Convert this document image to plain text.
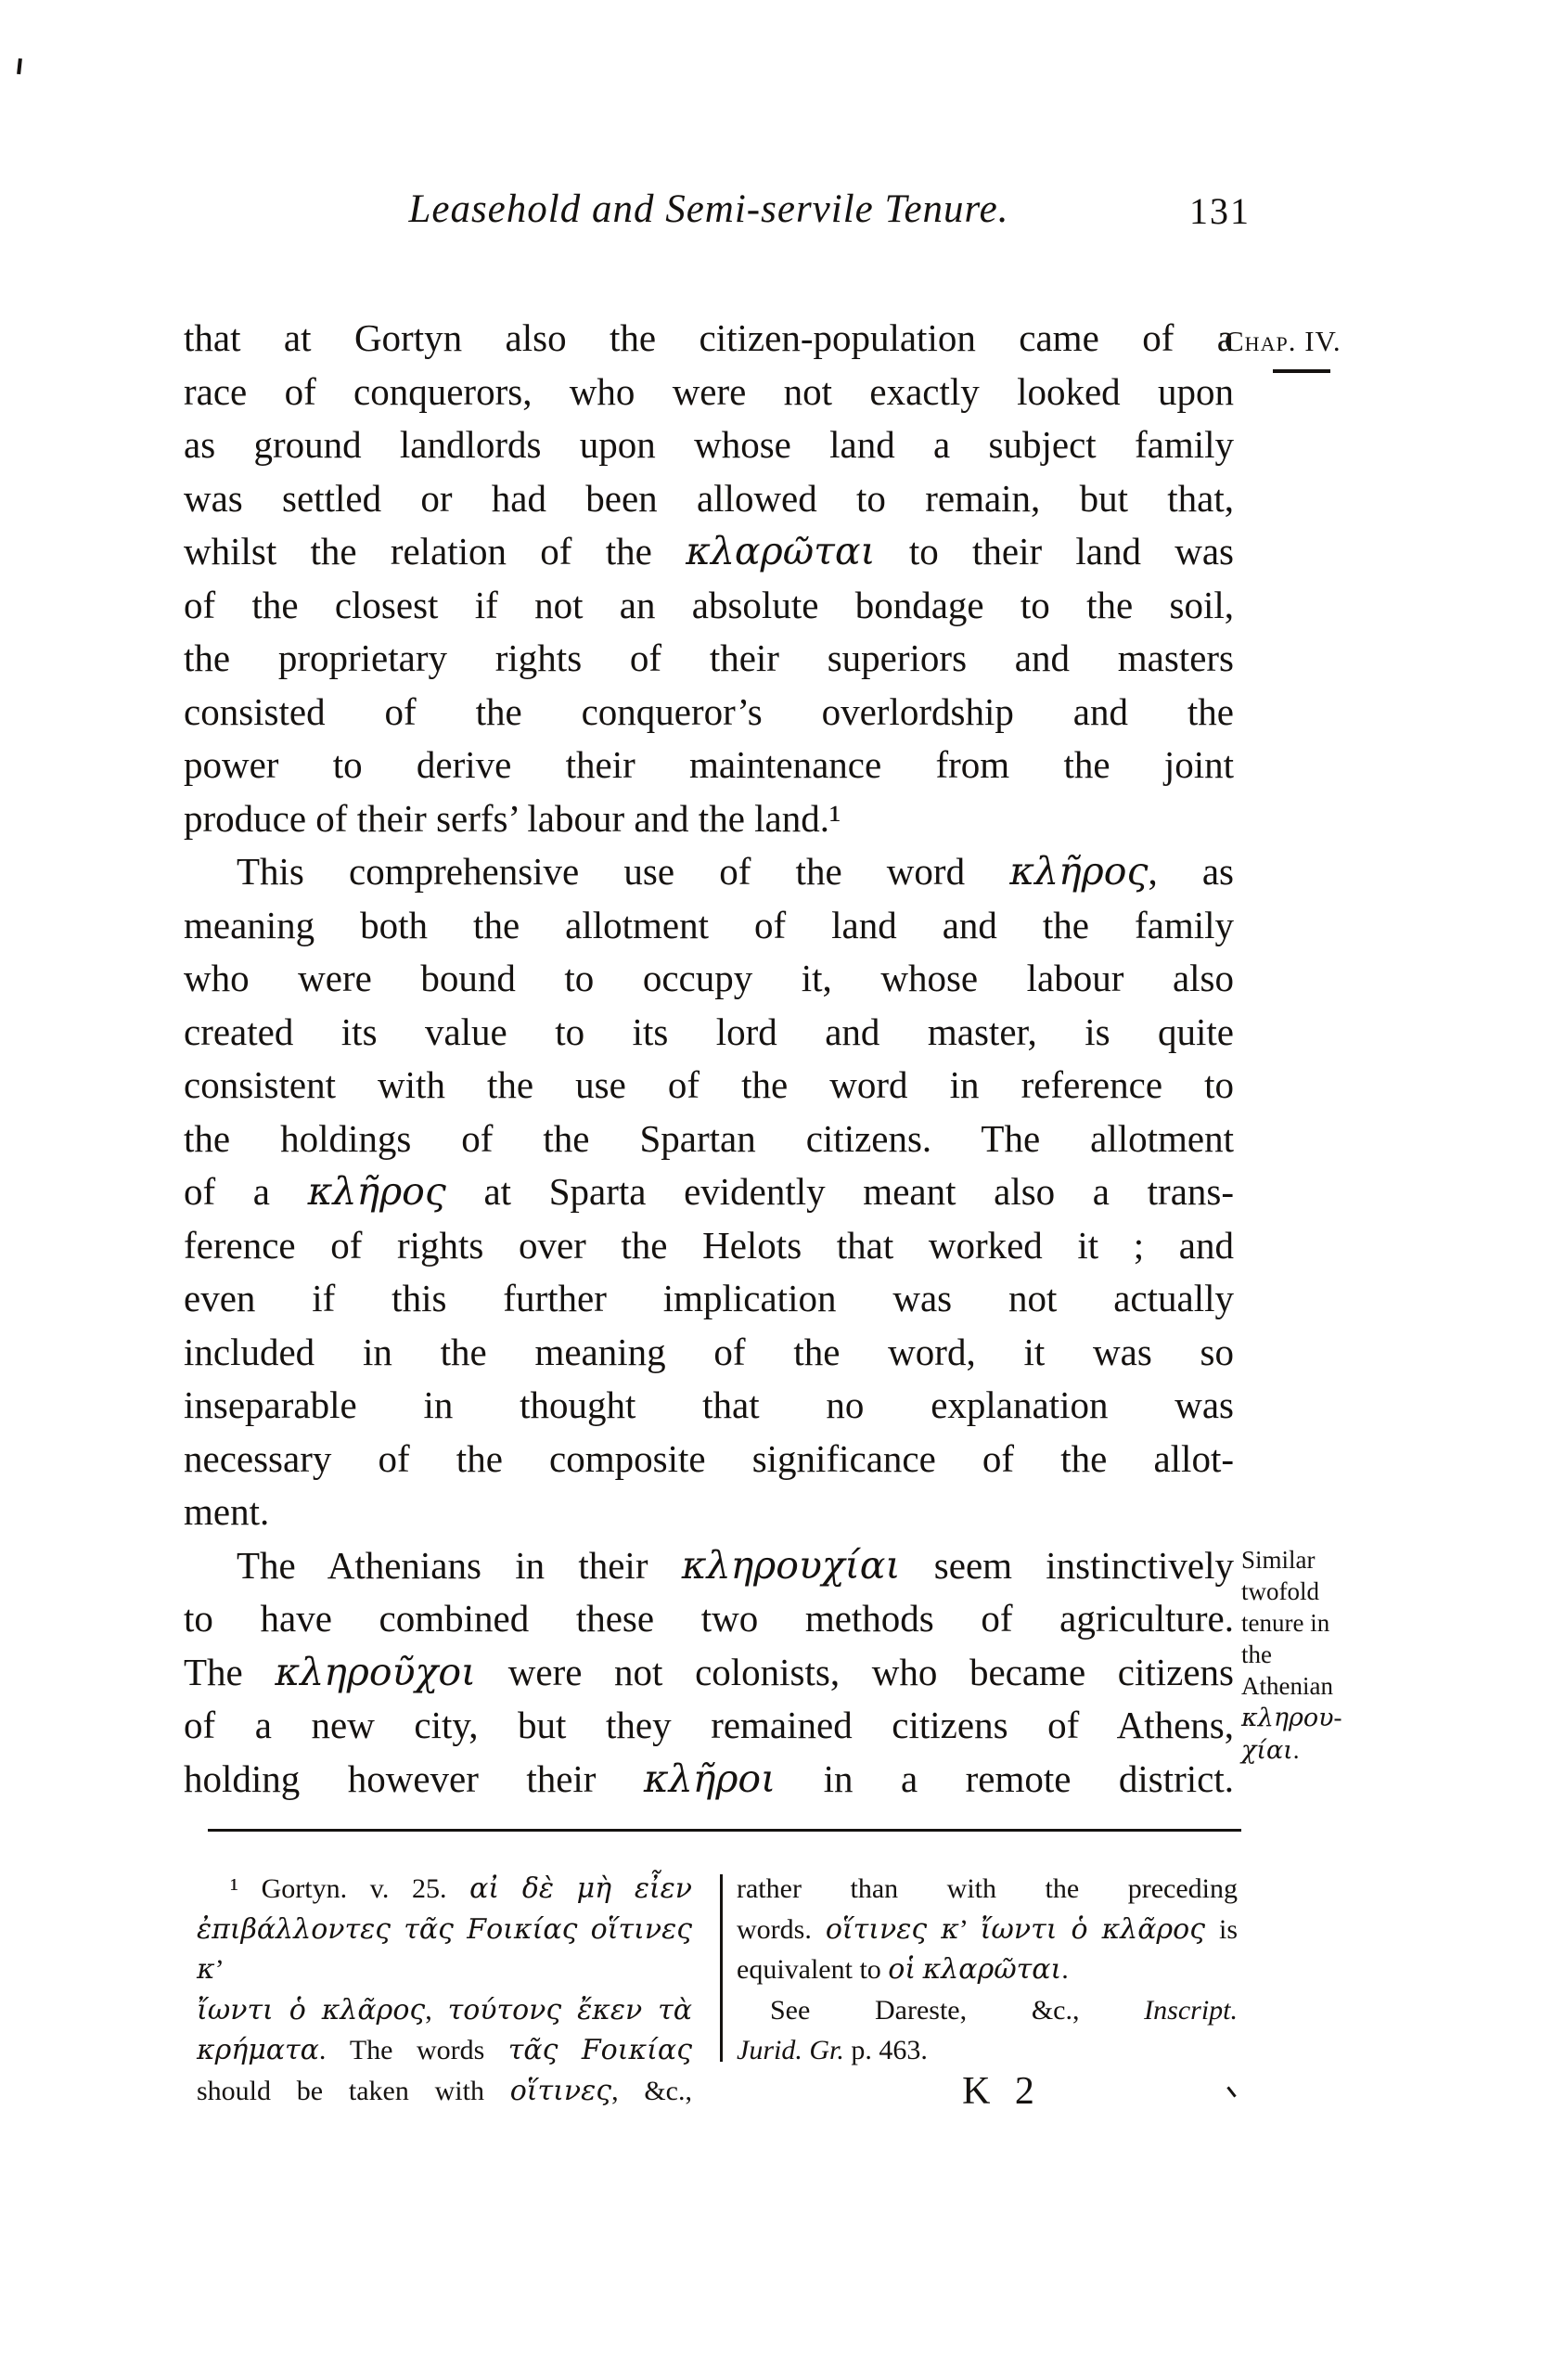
Leasehold and Semi-servile Tenure.	131
Chap. IV.
that at Gortyn also the citizen-population came of a
race of conquerors, who were not exactly looked upon
as ground landlords upon whose land a subject family
was settled or had been allowed to remain, but that,
whilst the relation of the κλαρῶται to their land was
of the closest if not an absolute bondage to the soil,
the proprietary rights of their superiors and masters
consisted of the conqueror’s overlordship and the
power to derive their maintenance from the joint
produce of their serfs’ labour and the land.¹
This comprehensive use of the word κλῆρος, as
meaning both the allotment of land and the family
who were bound to occupy it, whose labour also
created its value to its lord and master, is quite
consistent with the use of the word in reference to
the holdings of the Spartan citizens. The allotment
of a κλῆρος at Sparta evidently meant also a trans-
ference of rights over the Helots that worked it ; and
even if this further implication was not actually
included in the meaning of the word, it was so
inseparable in thought that no explanation was
necessary of the composite significance of the allot-
ment.
The Athenians in their κληρουχίαι seem instinctively
to have combined these two methods of agriculture.
The κληροῦχοι were not colonists, who became citizens
of a new city, but they remained citizens of Athens,
holding however their κλῆροι in a remote district.
Similar
twofold
tenure in
the
Athenian
κληρου-
χίαι.
¹ Gortyn. v. 25. αἰ δὲ μὴ εἶεν
ἐπιβάλλοντες τᾶς Fοικίας οἵτινες κ’
ἴωντι ὁ κλᾶρος, τούτονς ἔκεν τὰ
κρήματα. The words τᾶς Fοικίας
should be taken with οἵτινες, &c.,
rather than with the preceding
words. οἵτινες κ’ ἴωντι ὁ κλᾶρος is
equivalent to οἱ κλαρῶται.
See Dareste, &c., Inscript.
Jurid. Gr. p. 463.
K 2
